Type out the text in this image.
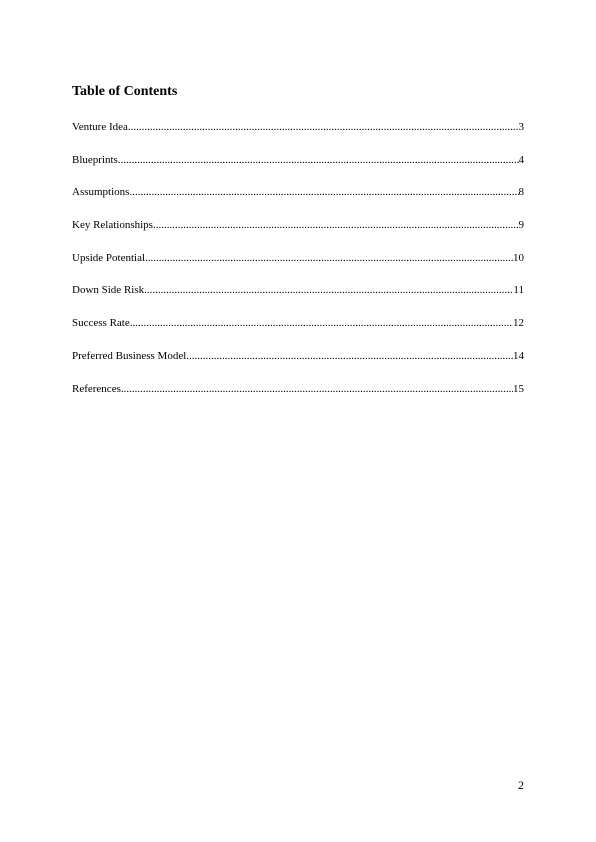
Table of Contents
Venture Idea .....	3
Blueprints .....	4
Assumptions .....	8
Key Relationships .....	9
Upside Potential .....	10
Down Side Risk .....	11
Success Rate .....	12
Preferred Business Model .....	14
References .....	15
2
